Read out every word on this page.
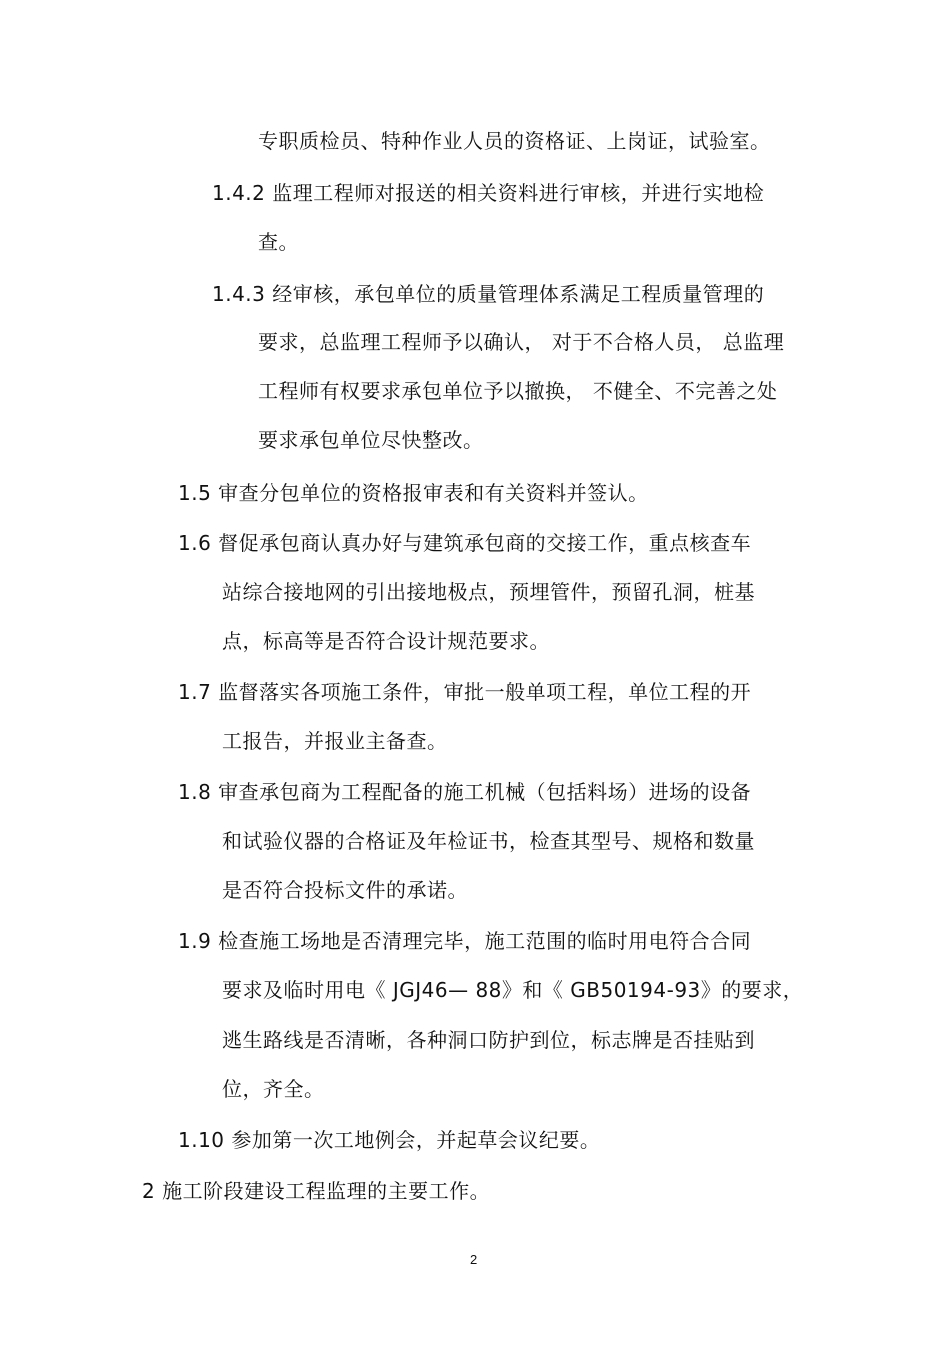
专职质检员、特种作业人员的资格证、上岗证，试验室。
1.4.2 监理工程师对报送的相关资料进行审核，并进行实地检
查。
1.4.3 经审核，承包单位的质量管理体系满足工程质量管理的
要求，总监理工程师予以确认， 对于不合格人员， 总监理
工程师有权要求承包单位予以撤换， 不健全、不完善之处
要求承包单位尽快整改。
1.5 审查分包单位的资格报审表和有关资料并签认。
1.6 督促承包商认真办好与建筑承包商的交接工作，重点核查车
站综合接地网的引出接地极点，预埋管件，预留孔洞，桩基
点，标高等是否符合设计规范要求。
1.7 监督落实各项施工条件，审批一般单项工程，单位工程的开
工报告，并报业主备查。
1.8 审查承包商为工程配备的施工机械（包括料场）进场的设备
和试验仪器的合格证及年检证书，检查其型号、规格和数量
是否符合投标文件的承诺。
1.9 检查施工场地是否清理完毕，施工范围的临时用电符合合同
要求及临时用电《 JGJ46— 88》和《 GB50194-93》的要求，
逃生路线是否清晰，各种洞口防护到位，标志牌是否挂贴到
位，齐全。
1.10 参加第一次工地例会，并起草会议纪要。
2 施工阶段建设工程监理的主要工作。
2
